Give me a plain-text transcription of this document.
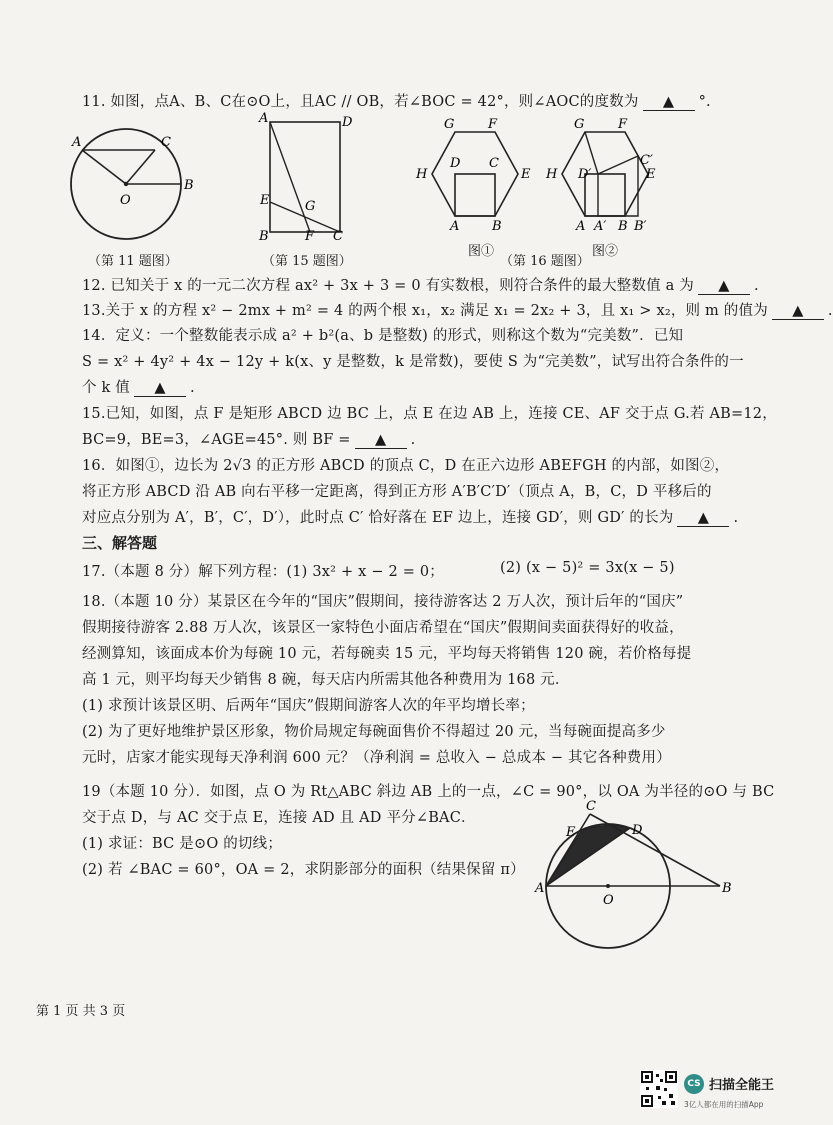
11. 如图，点A、B、C在⊙O上，且AC // OB，若∠BOC = 42°，则∠AOC的度数为 ▲ °.
A	C
B
O
（第 11 题图）
A	D
E	G
B	F C
（第 15 题图）
G	F
H	E
D C
A	B
G	F
H
C′
E
D′
A A′ B B′
图①
（第 16 题图）
图②
12. 已知关于 x 的一元二次方程 ax² + 3x + 3 = 0 有实数根，则符合条件的最大整数值 a 为 ▲ .
13.关于 x 的方程 x² − 2mx + m² = 4 的两个根 x₁，x₂ 满足 x₁ = 2x₂ + 3，且 x₁ > x₂，则 m 的值为 ▲ .
14．定义：一个整数能表示成 a² + b²(a、b 是整数) 的形式，则称这个数为“完美数”．已知
S = x² + 4y² + 4x − 12y + k(x、y 是整数，k 是常数)，要使 S 为“完美数”，试写出符合条件的一
个 k 值 ▲ .
15.已知，如图，点 F 是矩形 ABCD 边 BC 上，点 E 在边 AB 上，连接 CE、AF 交于点 G.若 AB=12，
BC=9，BE=3，∠AGE=45°. 则 BF = ▲ .
16．如图①，边长为 2√3 的正方形 ABCD 的顶点 C，D 在正六边形 ABEFGH 的内部，如图②，
将正方形 ABCD 沿 AB 向右平移一定距离，得到正方形 A′B′C′D′（顶点 A，B，C，D 平移后的
对应点分别为 A′，B′，C′，D′），此时点 C′ 恰好落在 EF 边上，连接 GD′，则 GD′ 的长为 ▲ .
三、解答题
17.（本题 8 分）解下列方程：(1) 3x² + x − 2 = 0；	(2) (x − 5)² = 3x(x − 5)
18.（本题 10 分）某景区在今年的“国庆”假期间，接待游客达 2 万人次，预计后年的“国庆”
假期接待游客 2.88 万人次，该景区一家特色小面店希望在“国庆”假期间卖面获得好的收益，
经测算知，该面成本价为每碗 10 元，若每碗卖 15 元，平均每天将销售 120 碗，若价格每提
高 1 元，则平均每天少销售 8 碗，每天店内所需其他各种费用为 168 元．
(1) 求预计该景区明、后两年“国庆”假期间游客人次的年平均增长率；
(2) 为了更好地维护景区形象，物价局规定每碗面售价不得超过 20 元，当每碗面提高多少
元时，店家才能实现每天净利润 600 元？（净利润 = 总收入 − 总成本 − 其它各种费用）
19（本题 10 分）．如图，点 O 为 Rt△ABC 斜边 AB 上的一点，∠C = 90°，以 OA 为半径的⊙O 与 BC
交于点 D，与 AC 交于点 E，连接 AD 且 AD 平分∠BAC．
(1) 求证：BC 是⊙O 的切线；
(2) 若 ∠BAC = 60°，OA = 2，求阴影部分的面积（结果保留 π）
A	B
C
D
E
O
第 1 页 共 3 页
CS 扫描全能王
3亿人都在用的扫描App
